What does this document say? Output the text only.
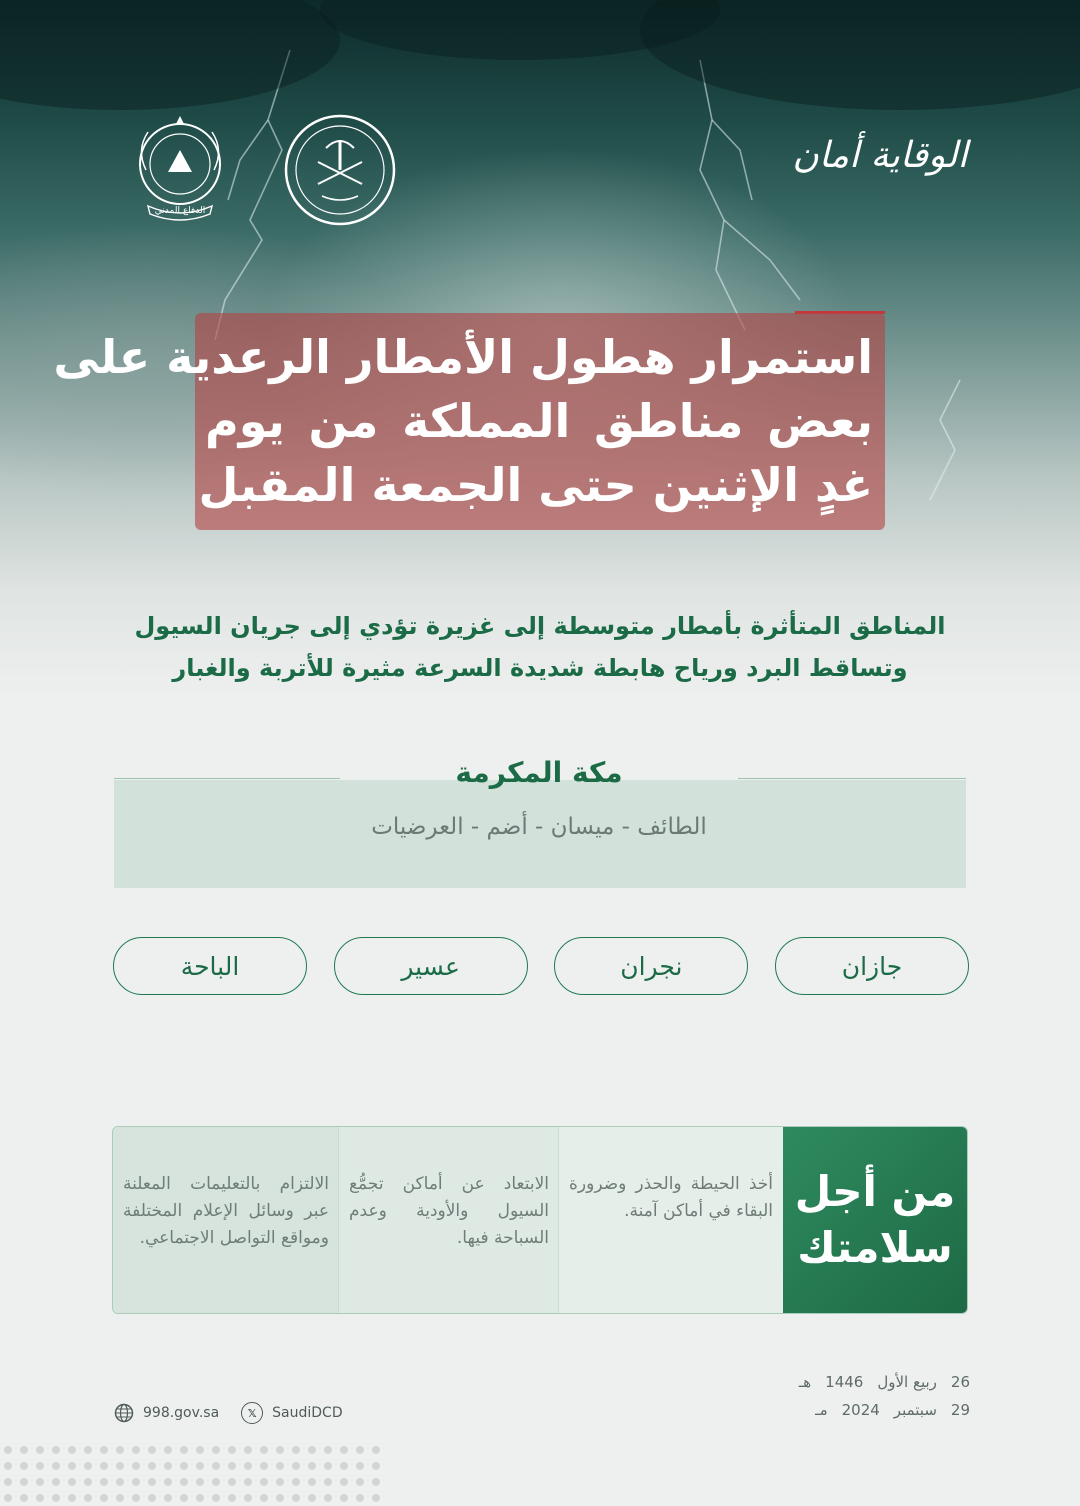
الدفاع المدني
الوقاية أمان
استمرار هطول الأمطار الرعدية على
بعض مناطق المملكة من يوم
غدٍ الإثنين حتى الجمعة المقبل
المناطق المتأثرة بأمطار متوسطة إلى غزيرة تؤدي إلى جريان السيول
وتساقط البرد ورياح هابطة شديدة السرعة مثيرة للأتربة والغبار
مكة المكرمة
الطائف - ميسان - أضم - العرضيات
جازان
نجران
عسير
الباحة
من أجل سلامتك
أخذ الحيطة والحذر وضرورة البقاء في أماكن آمنة.
الابتعاد عن أماكن تجمُّع السيول والأودية وعدم السباحة فيها.
الالتزام بالتعليمات المعلنة عبر وسائل الإعلام المختلفة ومواقع التواصل الاجتماعي.
26
ربيع الأول
1446
هـ
29
سبتمبر
2024
مـ
998.gov.sa	𝕏	SaudiDCD
